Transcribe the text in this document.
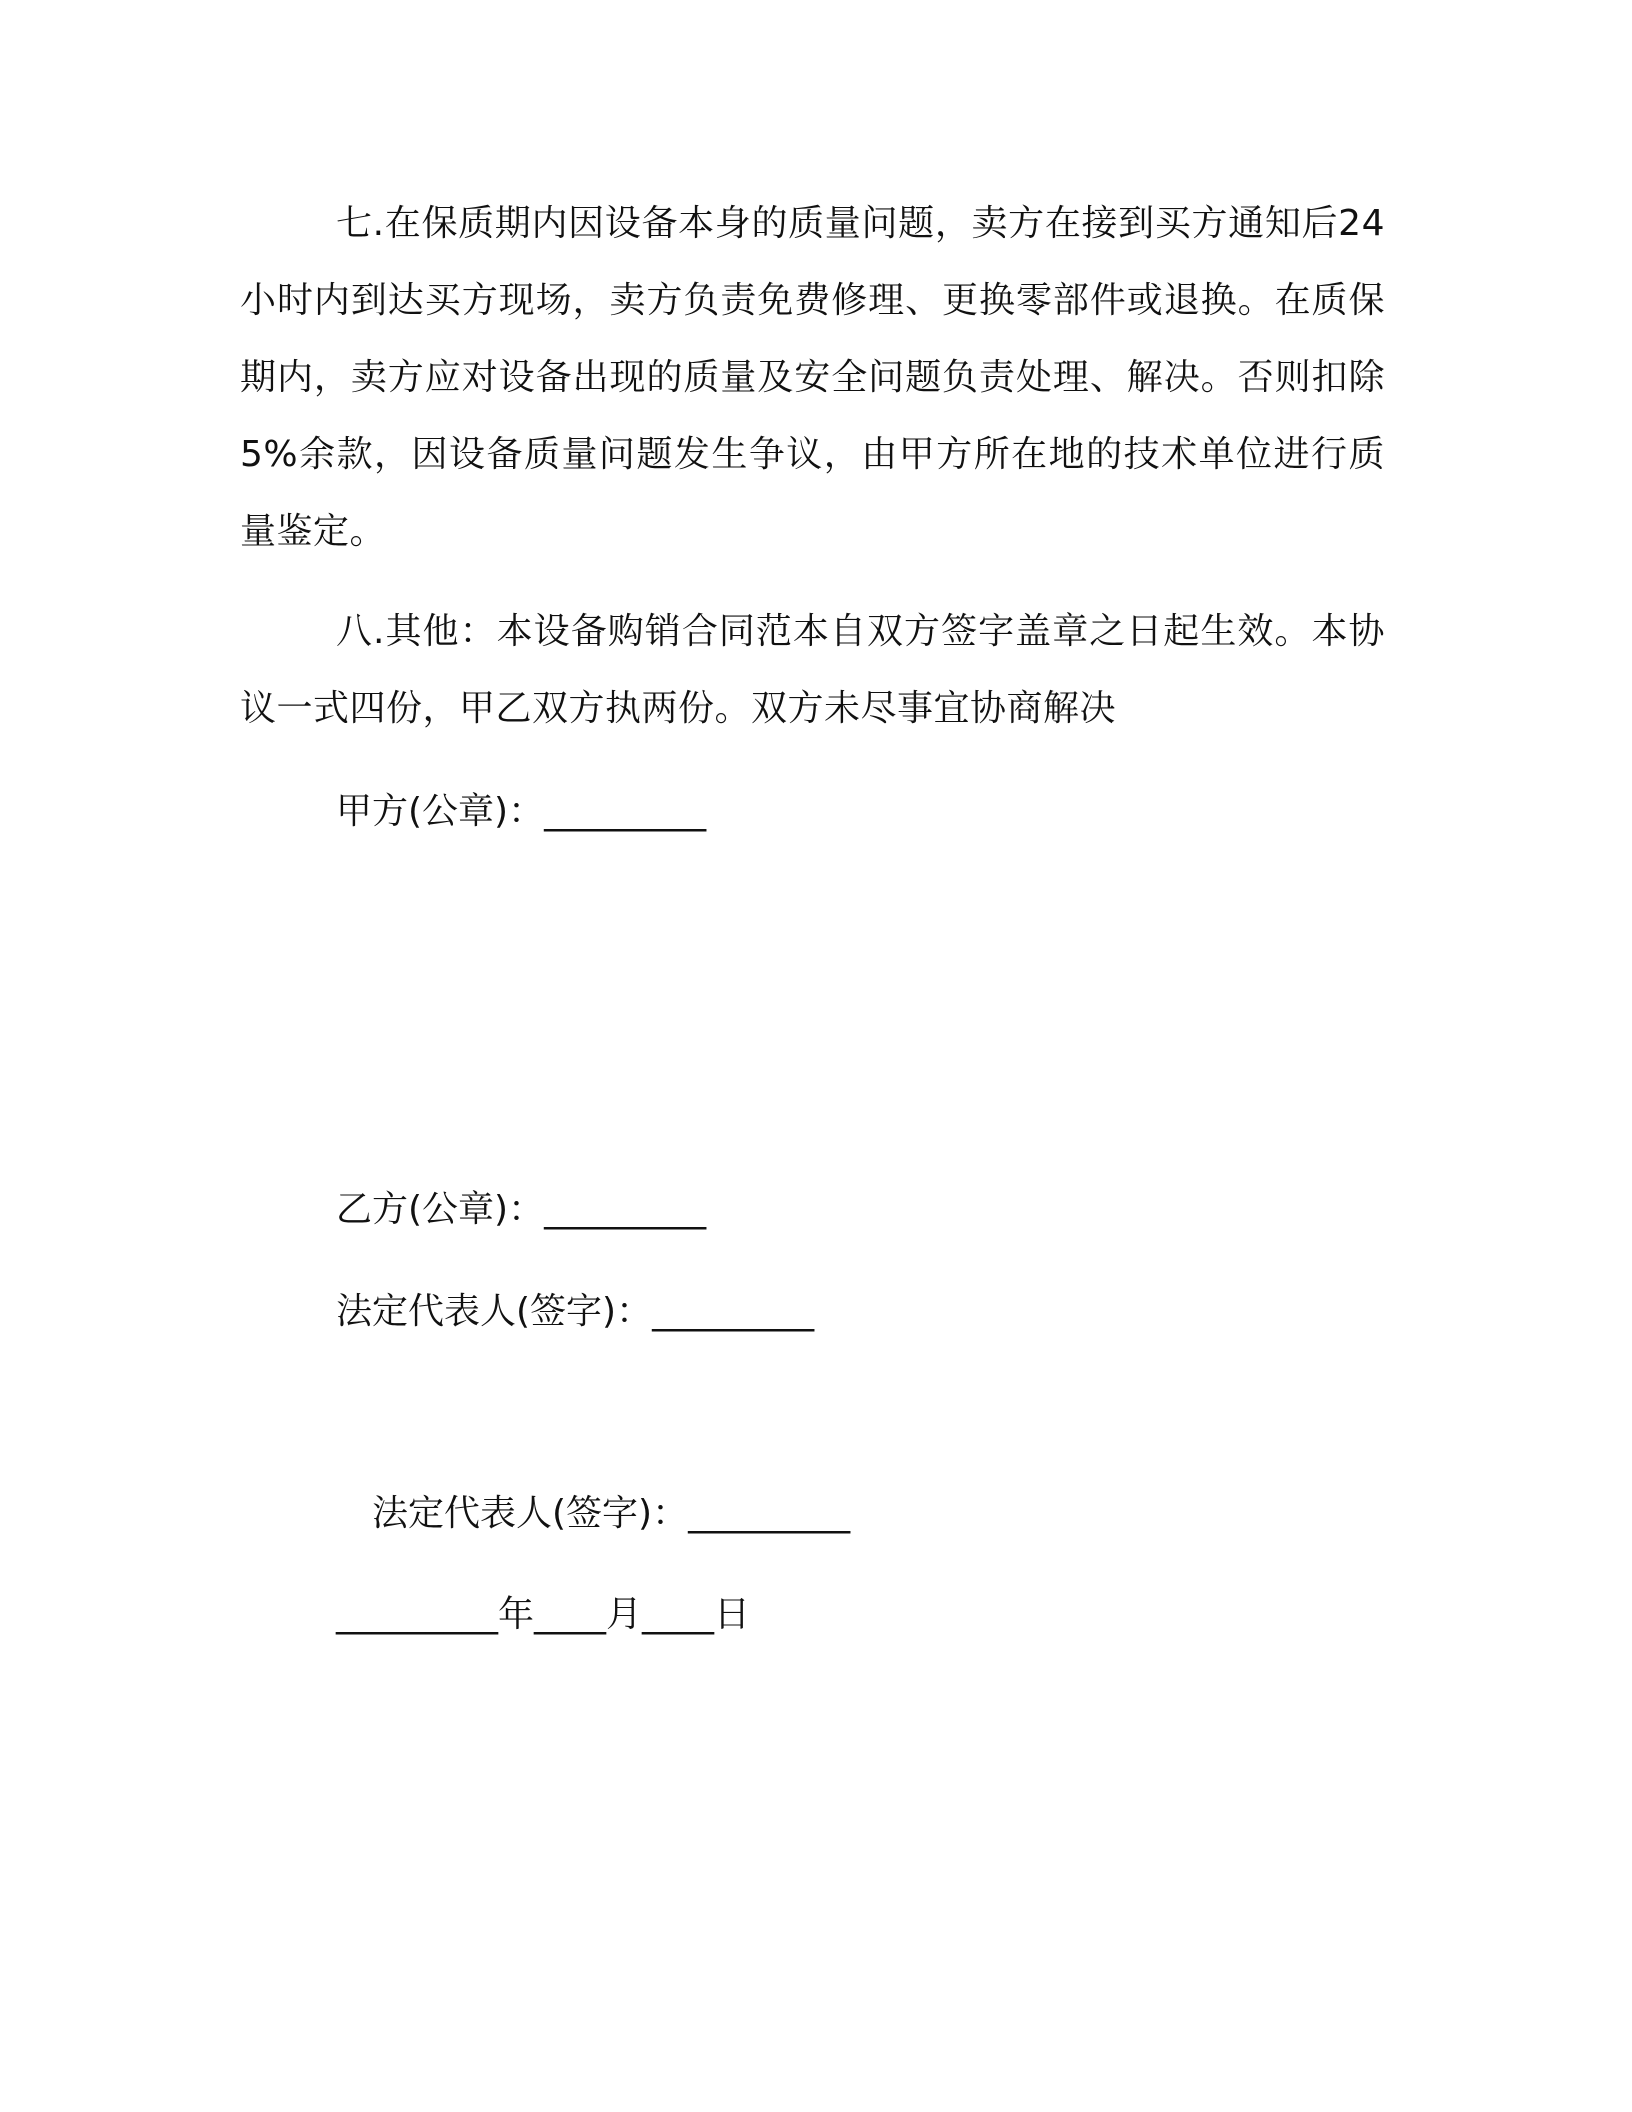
七.在保质期内因设备本身的质量问题，卖方在接到买方通知后24小时内到达买方现场，卖方负责免费修理、更换零部件或退换。在质保期内，卖方应对设备出现的质量及安全问题负责处理、解决。否则扣除5%余款，因设备质量问题发生争议，由甲方所在地的技术单位进行质量鉴定。

八.其他：本设备购销合同范本自双方签字盖章之日起生效。本协议一式四份，甲乙双方执两份。双方未尽事宜协商解决

甲方(公章)：_________

乙方(公章)：_________

法定代表人(签字)：_________

法定代表人(签字)：_________

_________年____月____日
